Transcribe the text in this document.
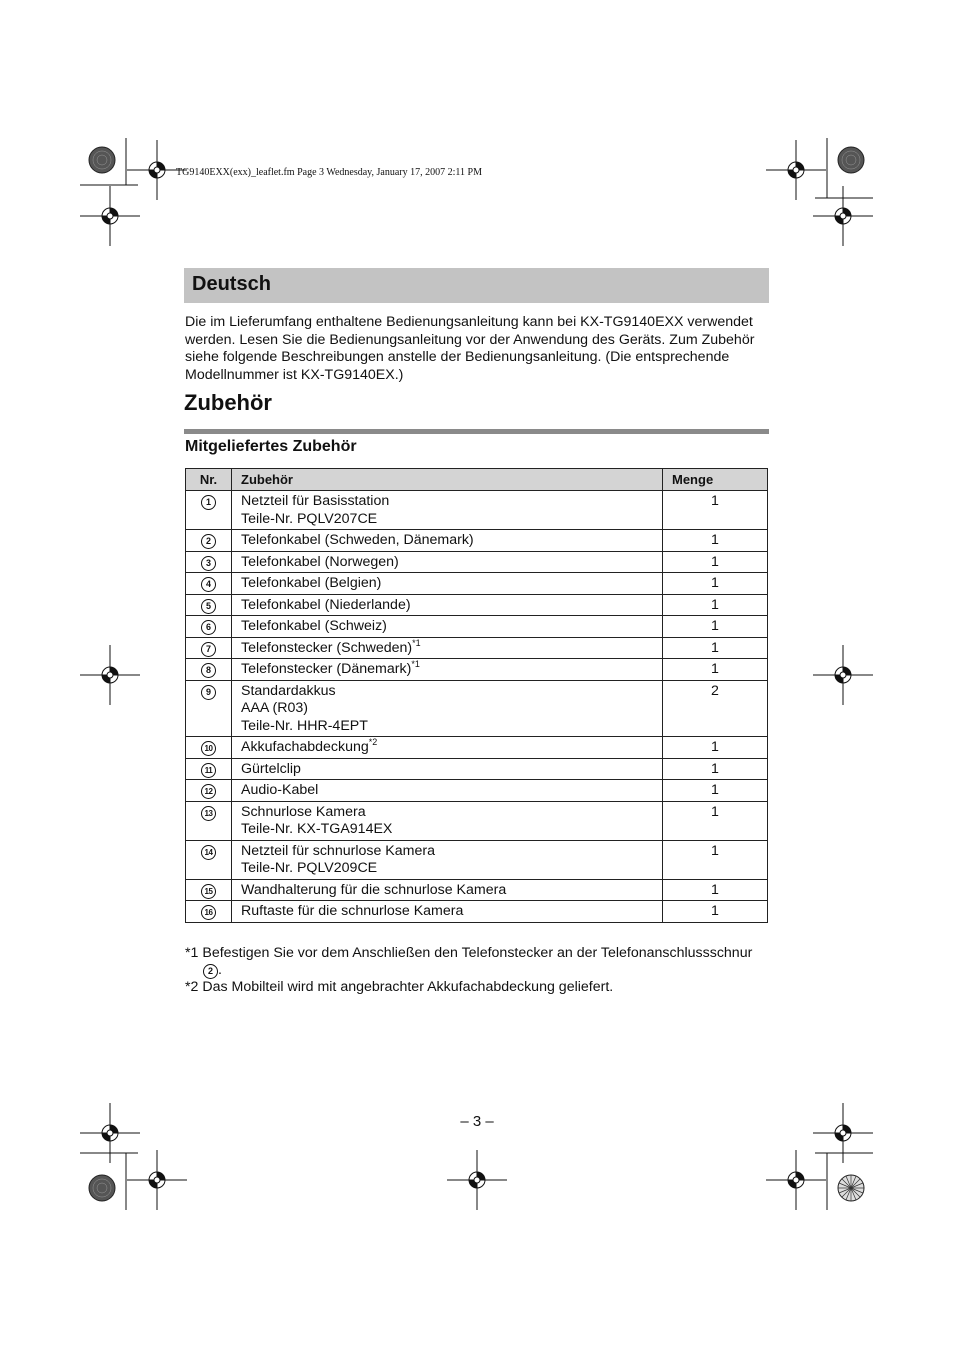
TG9140EXX(exx)_leaflet.fm Page 3 Wednesday, January 17, 2007 2:11 PM
Deutsch
Die im Lieferumfang enthaltene Bedienungsanleitung kann bei KX-TG9140EXX verwendet werden. Lesen Sie die Bedienungsanleitung vor der Anwendung des Geräts. Zum Zubehör siehe folgende Beschreibungen anstelle der Bedienungsanleitung. (Die entsprechende Modellnummer ist KX-TG9140EX.)
Zubehör
Mitgeliefertes Zubehör
Nr.	Zubehör	Menge
1	Netzteil für Basisstation
Teile-Nr. PQLV207CE	1
2	Telefonkabel (Schweden, Dänemark)	1
3	Telefonkabel (Norwegen)	1
4	Telefonkabel (Belgien)	1
5	Telefonkabel (Niederlande)	1
6	Telefonkabel (Schweiz)	1
7	Telefonstecker (Schweden)$^{*1}$	1
8	Telefonstecker (Dänemark)$^{*1}$	1
9	Standardakkus
AAA (R03)
Teile-Nr. HHR-4EPT	2
10	Akkufachabdeckung$^{*2}$	1
11	Gürtelclip	1
12	Audio-Kabel	1
13	Schnurlose Kamera
Teile-Nr. KX-TGA914EX	1
14	Netzteil für schnurlose Kamera
Teile-Nr. PQLV209CE	1
15	Wandhalterung für die schnurlose Kamera	1
16	Ruftaste für die schnurlose Kamera	1
*1 Befestigen Sie vor dem Anschließen den Telefonstecker an der Telefonanschlussschnur
2 .
*2 Das Mobilteil wird mit angebrachter Akkufachabdeckung geliefert.
– 3 –
